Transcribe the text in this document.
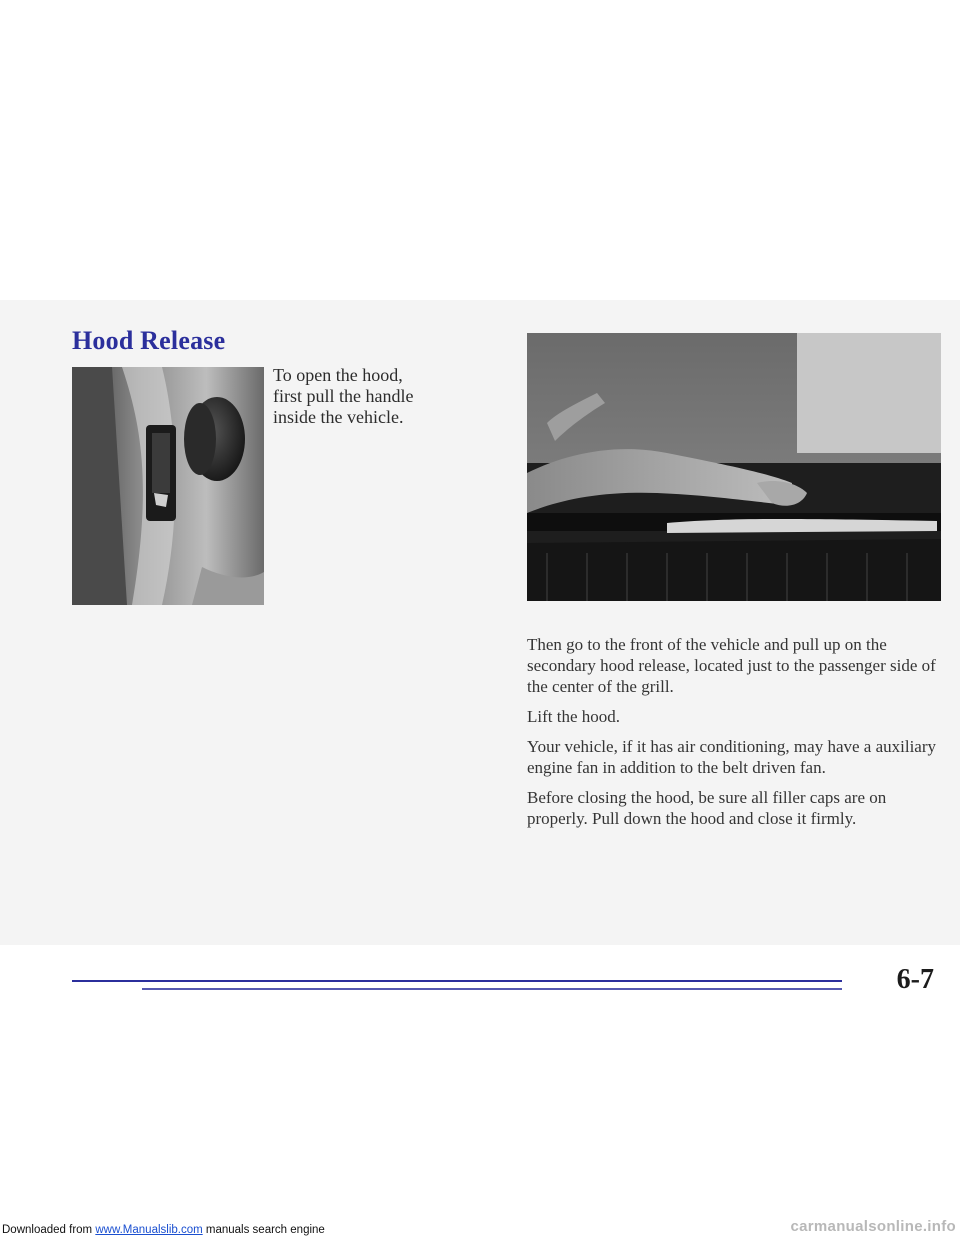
Hood Release

To open the hood, first pull the handle inside the vehicle.

Then go to the front of the vehicle and pull up on the secondary hood release, located just to the passenger side of the center of the grill.

Lift the hood.

Your vehicle, if it has air conditioning, may have a auxiliary engine fan in addition to the belt driven fan.

Before closing the hood, be sure all filler caps are on properly. Pull down the hood and close it firmly.

6-7
Downloaded from www.Manualslib.com manuals search engine	carmanualsonline.info
